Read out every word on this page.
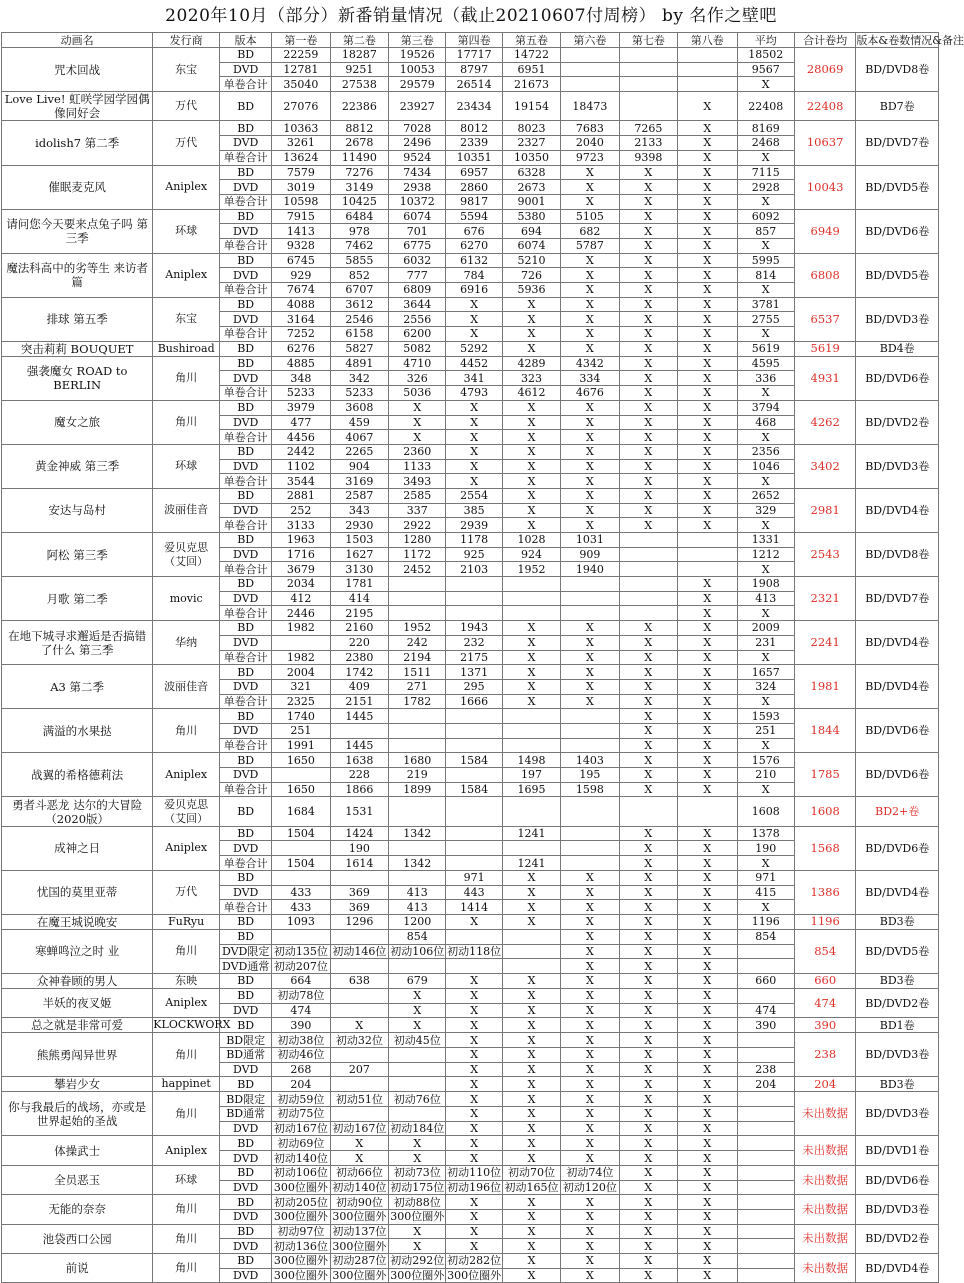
2020年10月（部分）新番销量情况（截止20210607付周榜） by 名作之壁吧
动画名	发行商	版本	第一卷	第二卷	第三卷	第四卷	第五卷	第六卷	第七卷	第八卷	平均	合计卷均	版本&卷数情况&备注
咒术回战	东宝	BD	22259	18287	19526	17717	14722				18502	28069	BD/DVD8卷
		DVD	12781	9251	10053	8797	6951				9567		
		单卷合计	35040	27538	29579	26514	21673				X		
Love Live! 虹咲学园学园偶像同好会	万代	BD	27076	22386	23927	23434	19154	18473		X	22408	22408	BD7卷
idolish7 第二季	万代	BD	10363	8812	7028	8012	8023	7683	7265	X	8169	10637	BD/DVD7卷
		DVD	3261	2678	2496	2339	2327	2040	2133	X	2468		
		单卷合计	13624	11490	9524	10351	10350	9723	9398	X	X		
催眠麦克风	Aniplex	BD	7579	7276	7434	6957	6328	X	X	X	7115	10043	BD/DVD5卷
		DVD	3019	3149	2938	2860	2673	X	X	X	2928		
		单卷合计	10598	10425	10372	9817	9001	X	X	X	X		
请问您今天要来点兔子吗 第三季	环球	BD	7915	6484	6074	5594	5380	5105	X	X	6092	6949	BD/DVD6卷
		DVD	1413	978	701	676	694	682	X	X	857		
		单卷合计	9328	7462	6775	6270	6074	5787	X	X	X		
魔法科高中的劣等生 来访者篇	Aniplex	BD	6745	5855	6032	6132	5210	X	X	X	5995	6808	BD/DVD5卷
		DVD	929	852	777	784	726	X	X	X	814		
		单卷合计	7674	6707	6809	6916	5936	X	X	X	X		
排球 第五季	东宝	BD	4088	3612	3644	X	X	X	X	X	3781	6537	BD/DVD3卷
		DVD	3164	2546	2556	X	X	X	X	X	2755		
		单卷合计	7252	6158	6200	X	X	X	X	X	X		
突击莉莉 BOUQUET	Bushiroad	BD	6276	5827	5082	5292	X	X	X	X	5619	5619	BD4卷
强袭魔女 ROAD to BERLIN	角川	BD	4885	4891	4710	4452	4289	4342	X	X	4595	4931	BD/DVD6卷
		DVD	348	342	326	341	323	334	X	X	336		
		单卷合计	5233	5233	5036	4793	4612	4676	X	X	X		
魔女之旅	角川	BD	3979	3608	X	X	X	X	X	X	3794	4262	BD/DVD2卷
		DVD	477	459	X	X	X	X	X	X	468		
		单卷合计	4456	4067	X	X	X	X	X	X	X		
黄金神威 第三季	环球	BD	2442	2265	2360	X	X	X	X	X	2356	3402	BD/DVD3卷
		DVD	1102	904	1133	X	X	X	X	X	1046		
		单卷合计	3544	3169	3493	X	X	X	X	X	X		
安达与岛村	波丽佳音	BD	2881	2587	2585	2554	X	X	X	X	2652	2981	BD/DVD4卷
		DVD	252	343	337	385	X	X	X	X	329		
		单卷合计	3133	2930	2922	2939	X	X	X	X	X		
阿松 第三季	爱贝克思（艾回）	BD	1963	1503	1280	1178	1028	1031			1331	2543	BD/DVD8卷
		DVD	1716	1627	1172	925	924	909			1212		
		单卷合计	3679	3130	2452	2103	1952	1940			X		
月歌 第二季	movic	BD	2034	1781						X	1908	2321	BD/DVD7卷
		DVD	412	414						X	413		
		单卷合计	2446	2195						X	X		
在地下城寻求邂逅是否搞错了什么 第三季	华纳	BD	1982	2160	1952	1943	X	X	X	X	2009	2241	BD/DVD4卷
		DVD		220	242	232	X	X	X	X	231		
		单卷合计	1982	2380	2194	2175	X	X	X	X	X		
A3 第二季	波丽佳音	BD	2004	1742	1511	1371	X	X	X	X	1657	1981	BD/DVD4卷
		DVD	321	409	271	295	X	X	X	X	324		
		单卷合计	2325	2151	1782	1666	X	X	X	X	X		
满溢的水果挞	角川	BD	1740	1445					X	X	1593	1844	BD/DVD6卷
		DVD	251						X	X	251		
		单卷合计	1991	1445					X	X	X		
战翼的希格德莉法	Aniplex	BD	1650	1638	1680	1584	1498	1403	X	X	1576	1785	BD/DVD6卷
		DVD		228	219		197	195	X	X	210		
		单卷合计	1650	1866	1899	1584	1695	1598	X	X	X		
勇者斗恶龙 达尔的大冒险（2020版）	爱贝克思（艾回）	BD	1684	1531							1608	1608	BD2+卷
成神之日	Aniplex	BD	1504	1424	1342		1241		X	X	1378	1568	BD/DVD6卷
		DVD		190					X	X	190		
		单卷合计	1504	1614	1342		1241		X	X	X		
忧国的莫里亚蒂	万代	BD				971	X	X	X	X	971	1386	BD/DVD4卷
		DVD	433	369	413	443	X	X	X	X	415		
		单卷合计	433	369	413	1414	X	X	X	X	X		
在魔王城说晚安	FuRyu	BD	1093	1296	1200	X	X	X	X	X	1196	1196	BD3卷
寒蝉鸣泣之时 业	角川	BD			854			X	X	X	854	854	BD/DVD5卷
		DVD限定	初动135位	初动146位	初动106位	初动118位		X	X	X			
		DVD通常	初动207位					X	X	X			
众神眷顾的男人	东映	BD	664	638	679	X	X	X	X	X	660	660	BD3卷
半妖的夜叉姬	Aniplex	BD	初动78位		X	X	X	X	X	X		474	BD/DVD2卷
		DVD	474		X	X	X	X	X	X	474		
总之就是非常可爱	KLOCKWORX	BD	390	X	X	X	X	X	X	X	390	390	BD1卷
熊熊勇闯异世界	角川	BD限定	初动38位	初动32位	初动45位	X	X	X	X	X		238	BD/DVD3卷
		BD通常	初动46位			X	X	X	X	X			
		DVD	268	207		X	X	X	X	X	238		
攀岩少女	happinet	BD	204			X	X	X	X	X	204	204	BD3卷
你与我最后的战场，亦或是世界起始的圣战	角川	BD限定	初动59位	初动51位	初动76位	X	X	X	X	X		未出数据	BD/DVD3卷
		BD通常	初动75位			X	X	X	X	X			
		DVD	初动167位	初动167位	初动184位	X	X	X	X	X			
体操武士	Aniplex	BD	初动69位	X	X	X	X	X	X	X		未出数据	BD/DVD1卷
		DVD	初动140位	X	X	X	X	X	X	X			
全员恶玉	环球	BD	初动106位	初动66位	初动73位	初动110位	初动70位	初动74位	X	X		未出数据	BD/DVD6卷
		DVD	300位圈外	初动140位	初动175位	初动196位	初动165位	初动120位	X	X			
无能的奈奈	角川	BD	初动205位	初动90位	初动88位	X	X	X	X	X		未出数据	BD/DVD3卷
		DVD	300位圈外	300位圈外	300位圈外	X	X	X	X	X			
池袋西口公园	角川	BD	初动97位	初动137位	X	X	X	X	X	X		未出数据	BD/DVD2卷
		DVD	初动136位	300位圈外	X	X	X	X	X	X			
前说	角川	BD	300位圈外	初动287位	初动292位	初动282位	X	X	X	X		未出数据	BD/DVD4卷
		DVD	300位圈外	300位圈外	300位圈外	300位圈外	X	X	X	X			
